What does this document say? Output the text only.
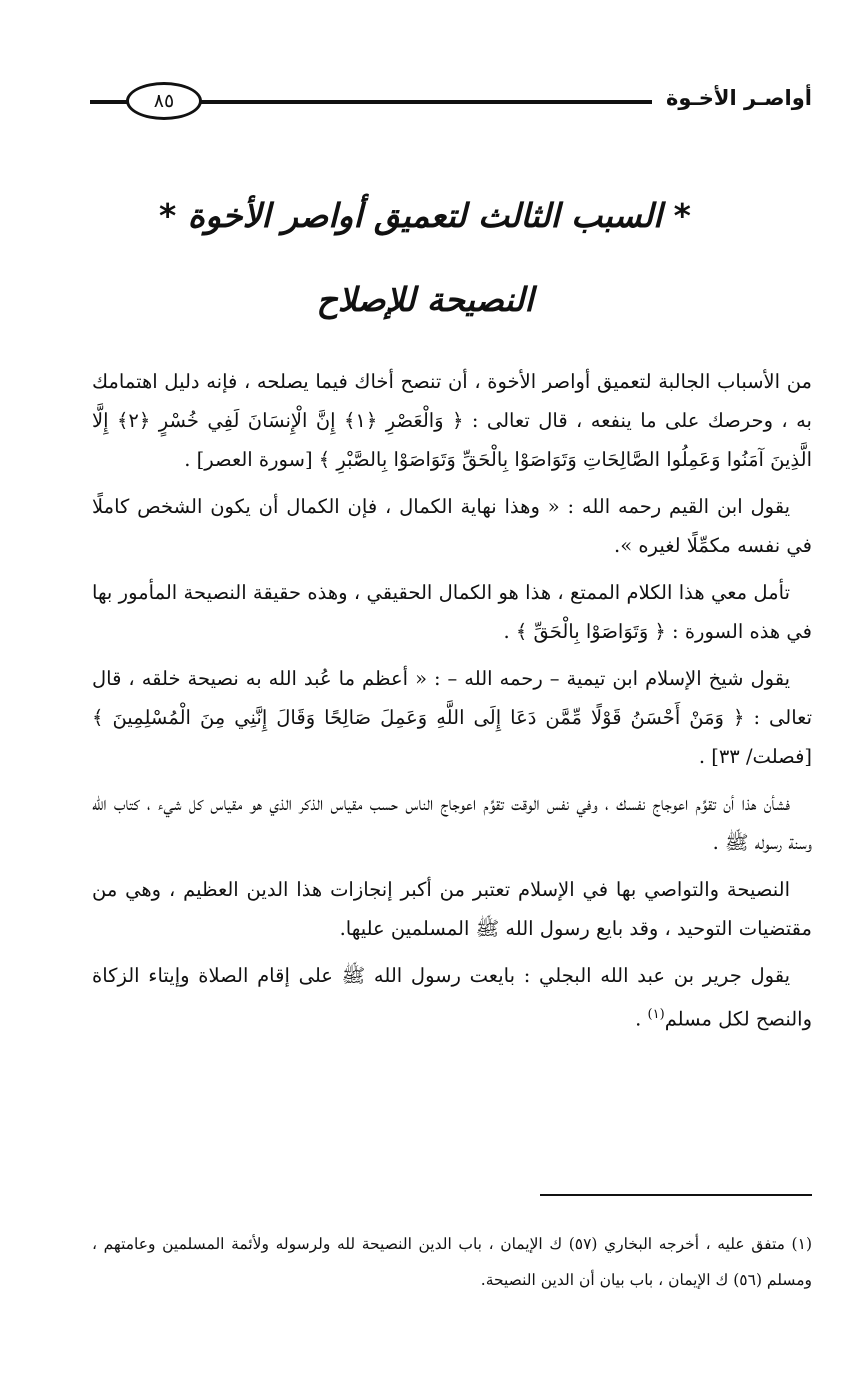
أواصـر الأخـوة
٨٥
* السبب الثالث لتعميق أواصر الأخوة *
النصيحة للإصلاح

من الأسباب الجالبة لتعميق أواصر الأخوة ، أن تنصح أخاك فيما يصلحه ، فإنه دليل اهتمامك به ، وحرصك على ما ينفعه ، قال تعالى : ﴿ وَالْعَصْرِ ﴿١﴾ إِنَّ الْإِنسَانَ لَفِي خُسْرٍ ﴿٢﴾ إِلَّا الَّذِينَ آمَنُوا وَعَمِلُوا الصَّالِحَاتِ وَتَوَاصَوْا بِالْحَقِّ وَتَوَاصَوْا بِالصَّبْرِ ﴾ [سورة العصر] .

يقول ابن القيم رحمه الله : « وهذا نهاية الكمال ، فإن الكمال أن يكون الشخص كاملًا في نفسه مكمِّلًا لغيره ».

تأمل معي هذا الكلام الممتع ، هذا هو الكمال الحقيقي ، وهذه حقيقة النصيحة المأمور بها في هذه السورة : ﴿ وَتَوَاصَوْا بِالْحَقِّ ﴾ .

يقول شيخ الإسلام ابن تيمية – رحمه الله – : « أعظم ما عُبد الله به نصيحة خلقه ، قال تعالى : ﴿ وَمَنْ أَحْسَنُ قَوْلًا مِّمَّن دَعَا إِلَى اللَّهِ وَعَمِلَ صَالِحًا وَقَالَ إِنَّنِي مِنَ الْمُسْلِمِينَ ﴾ [فصلت/ ٣٣] .

فشأن هذا أن تقوِّم اعوجاج نفسك ، وفي نفس الوقت تقوِّم اعوجاج الناس حسب مقياس الذكر الذي هو مقياس كل شيء ، كتاب الله وسنة رسوله ﷺ .

النصيحة والتواصي بها في الإسلام تعتبر من أكبر إنجازات هذا الدين العظيم ، وهي من مقتضيات التوحيد ، وقد بايع رسول الله ﷺ المسلمين عليها.

يقول جرير بن عبد الله البجلي : بايعت رسول الله ﷺ على إقام الصلاة وإيتاء الزكاة والنصح لكل مسلم$^{(١)}$ .

(١) متفق عليه ، أخرجه البخاري (٥٧) ك الإيمان ، باب الدين النصيحة لله ولرسوله ولأئمة المسلمين وعامتهم ، ومسلم (٥٦) ك الإيمان ، باب بيان أن الدين النصيحة.
